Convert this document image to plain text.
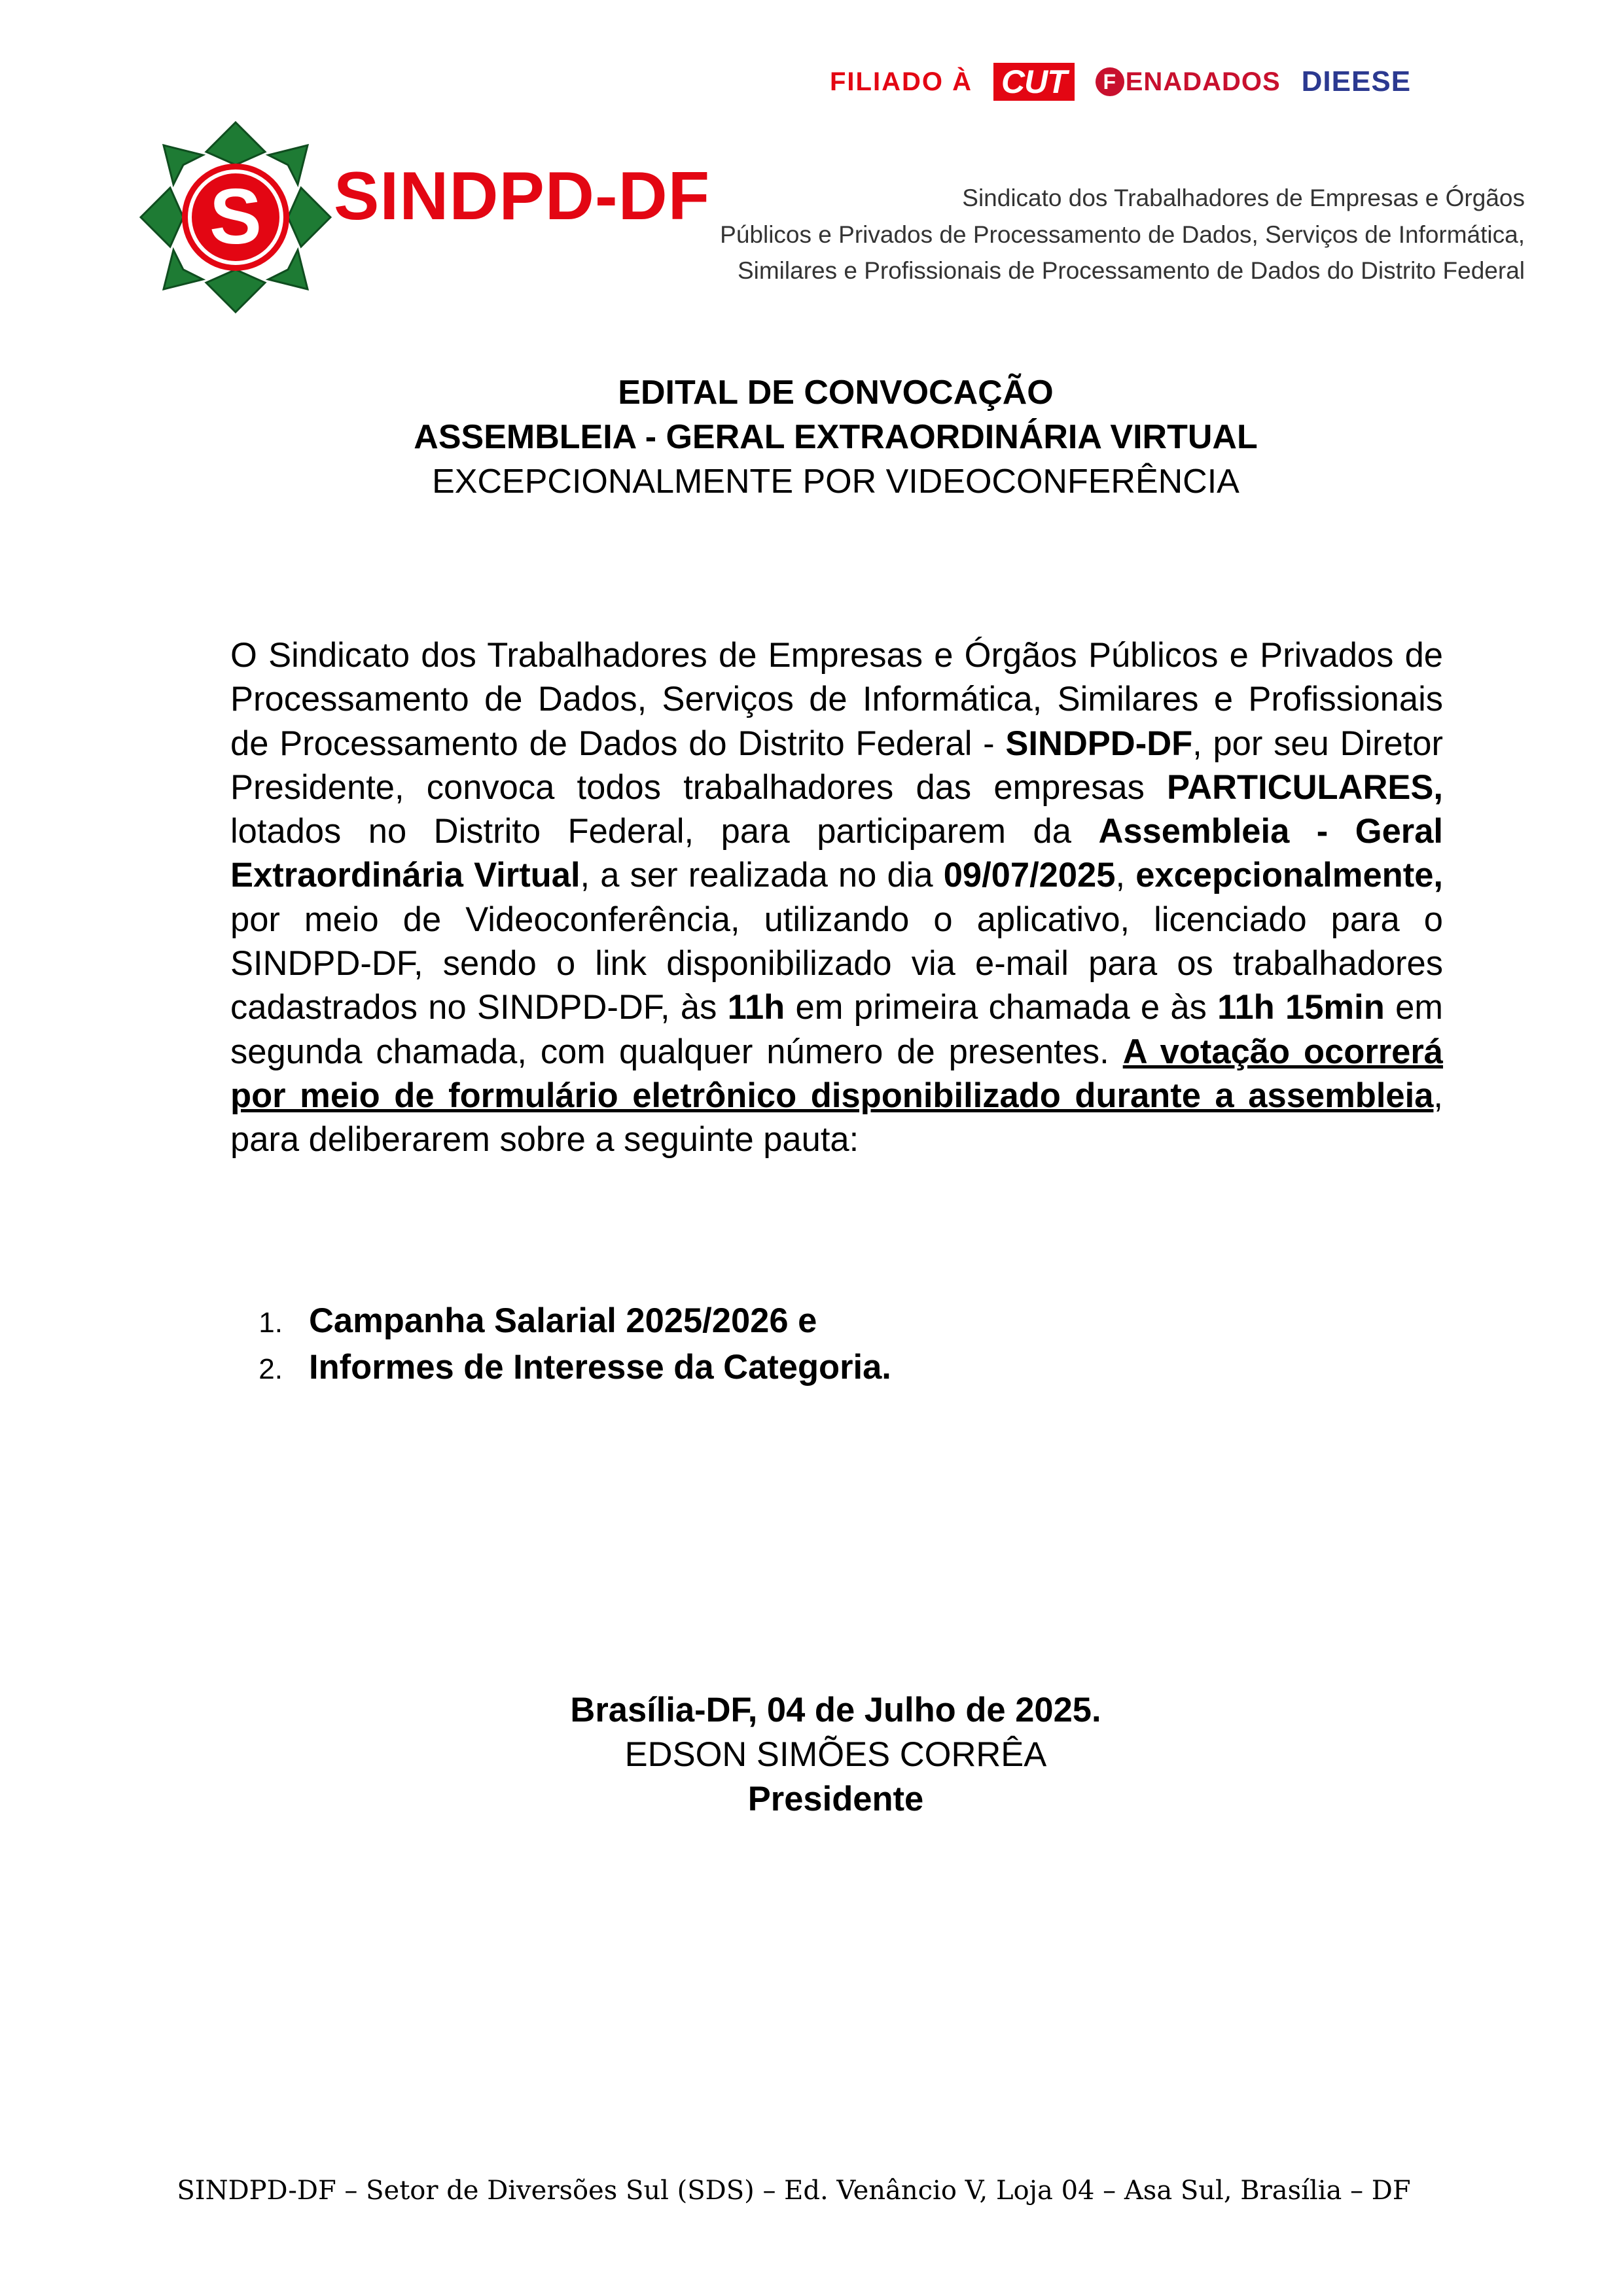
FILIADO À CUT	F ENADADOS DIEESE
S SINDPD-DF	Sindicato dos Trabalhadores de Empresas e Órgãos
Públicos e Privados de Processamento de Dados, Serviços de Informática,
Similares e Profissionais de Processamento de Dados do Distrito Federal
EDITAL DE CONVOCAÇÃO
ASSEMBLEIA - GERAL EXTRAORDINÁRIA VIRTUAL
EXCEPCIONALMENTE POR VIDEOCONFERÊNCIA
O Sindicato dos Trabalhadores de Empresas e Órgãos Públicos e Privados de Processamento de Dados, Serviços de Informática, Similares e Profissionais de Processamento de Dados do Distrito Federal - SINDPD-DF, por seu Diretor Presidente, convoca todos trabalhadores das empresas PARTICULARES, lotados no Distrito Federal, para participarem da Assembleia - Geral Extraordinária Virtual, a ser realizada no dia 09/07/2025, excepcionalmente, por meio de Videoconferência, utilizando o aplicativo, licenciado para o SINDPD-DF, sendo o link disponibilizado via e-mail para os trabalhadores cadastrados no SINDPD-DF, às 11h em primeira chamada e às 11h 15min em segunda chamada, com qualquer número de presentes. A votação ocorrerá por meio de formulário eletrônico disponibilizado durante a assembleia, para deliberarem sobre a seguinte pauta:
1. Campanha Salarial 2025/2026 e
2. Informes de Interesse da Categoria.
Brasília-DF, 04 de Julho de 2025.
EDSON SIMÕES CORRÊA
Presidente
SINDPD-DF – Setor de Diversões Sul (SDS) – Ed. Venâncio V, Loja 04 – Asa Sul, Brasília – DF
